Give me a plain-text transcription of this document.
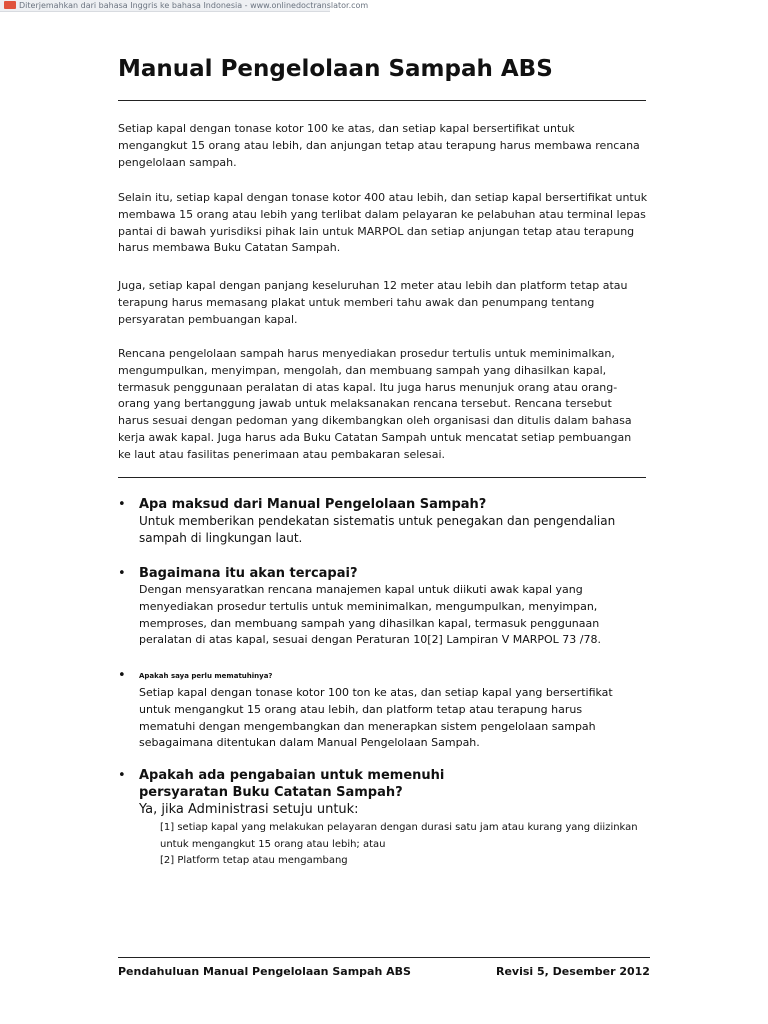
Diterjemahkan dari bahasa Inggris ke bahasa Indonesia - www.onlinedoctranslator.com
Manual Pengelolaan Sampah ABS

Setiap kapal dengan tonase kotor 100 ke atas, dan setiap kapal bersertifikat untuk mengangkut 15 orang atau lebih, dan anjungan tetap atau terapung harus membawa rencana pengelolaan sampah.

Selain itu, setiap kapal dengan tonase kotor 400 atau lebih, dan setiap kapal bersertifikat untuk membawa 15 orang atau lebih yang terlibat dalam pelayaran ke pelabuhan atau terminal lepas pantai di bawah yurisdiksi pihak lain untuk MARPOL dan setiap anjungan tetap atau terapung harus membawa Buku Catatan Sampah.

Juga, setiap kapal dengan panjang keseluruhan 12 meter atau lebih dan platform tetap atau terapung harus memasang plakat untuk memberi tahu awak dan penumpang tentang persyaratan pembuangan kapal.

Rencana pengelolaan sampah harus menyediakan prosedur tertulis untuk meminimalkan, mengumpulkan, menyimpan, mengolah, dan membuang sampah yang dihasilkan kapal, termasuk penggunaan peralatan di atas kapal. Itu juga harus menunjuk orang atau orang-orang yang bertanggung jawab untuk melaksanakan rencana tersebut. Rencana tersebut harus sesuai dengan pedoman yang dikembangkan oleh organisasi dan ditulis dalam bahasa kerja awak kapal. Juga harus ada Buku Catatan Sampah untuk mencatat setiap pembuangan ke laut atau fasilitas penerimaan atau pembakaran selesai.

• Apa maksud dari Manual Pengelolaan Sampah?

Untuk memberikan pendekatan sistematis untuk penegakan dan pengendalian sampah di lingkungan laut.

• Bagaimana itu akan tercapai?

Dengan mensyaratkan rencana manajemen kapal untuk diikuti awak kapal yang menyediakan prosedur tertulis untuk meminimalkan, mengumpulkan, menyimpan, memproses, dan membuang sampah yang dihasilkan kapal, termasuk penggunaan peralatan di atas kapal, sesuai dengan Peraturan 10[2] Lampiran V MARPOL 73 /78.

• Apakah saya perlu mematuhinya?

Setiap kapal dengan tonase kotor 100 ton ke atas, dan setiap kapal yang bersertifikat untuk mengangkut 15 orang atau lebih, dan platform tetap atau terapung harus mematuhi dengan mengembangkan dan menerapkan sistem pengelolaan sampah sebagaimana ditentukan dalam Manual Pengelolaan Sampah.

• Apakah ada pengabaian untuk memenuhi persyaratan Buku Catatan Sampah?

Ya, jika Administrasi setuju untuk:

[1] setiap kapal yang melakukan pelayaran dengan durasi satu jam atau kurang yang diizinkan

untuk mengangkut 15 orang atau lebih; atau

[2] Platform tetap atau mengambang

Pendahuluan Manual Pengelolaan Sampah ABS	Revisi 5, Desember 2012
